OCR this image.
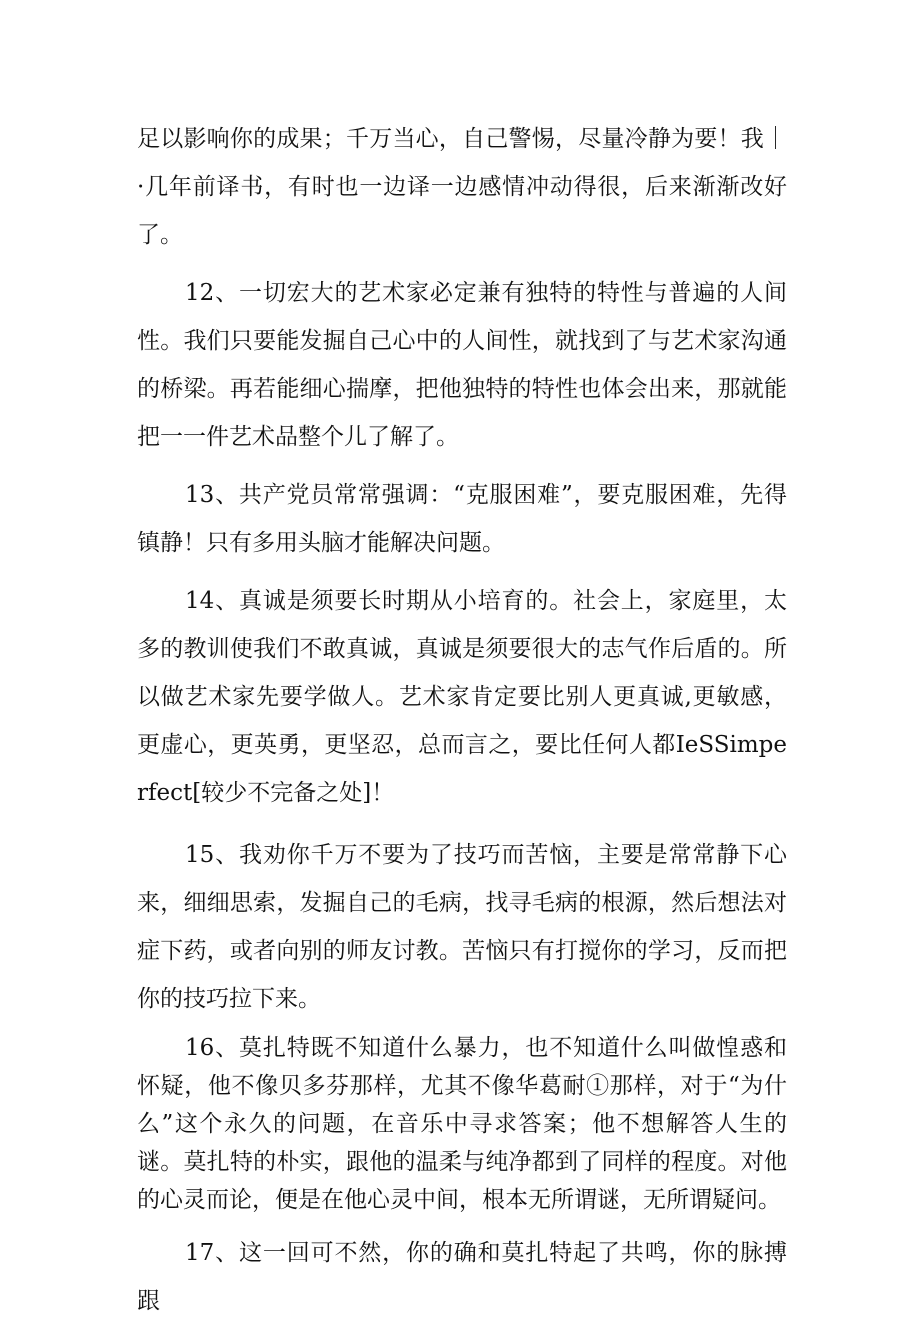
足以影响你的成果；千万当心，自己警惕，尽量冷静为要！我｜·几年前译书，有时也一边译一边感情冲动得很，后来渐渐改好了。

12、一切宏大的艺术家必定兼有独特的特性与普遍的人间性。我们只要能发掘自己心中的人间性，就找到了与艺术家沟通的桥梁。再若能细心揣摩，把他独特的特性也体会出来，那就能把一一件艺术品整个儿了解了。

13、共产党员常常强调：“克服困难”，要克服困难，先得镇静！只有多用头脑才能解决问题。

14、真诚是须要长时期从小培育的。社会上，家庭里，太多的教训使我们不敢真诚，真诚是须要很大的志气作后盾的。所以做艺术家先要学做人。艺术家肯定要比别人更真诚,更敏感，更虚心，更英勇，更坚忍，总而言之，要比任何人都IeSSimperfect[较少不完备之处]！

15、我劝你千万不要为了技巧而苦恼，主要是常常静下心来，细细思索，发掘自己的毛病，找寻毛病的根源，然后想法对症下药，或者向别的师友讨教。苦恼只有打搅你的学习，反而把你的技巧拉下来。

16、莫扎特既不知道什么暴力，也不知道什么叫做惶惑和怀疑，他不像贝多芬那样，尤其不像华葛耐①那样，对于“为什么”这个永久的问题，在音乐中寻求答案；他不想解答人生的谜。莫扎特的朴实，跟他的温柔与纯净都到了同样的程度。对他的心灵而论，便是在他心灵中间，根本无所谓谜，无所谓疑问。

17、这一回可不然，你的确和莫扎特起了共鸣，你的脉搏跟
